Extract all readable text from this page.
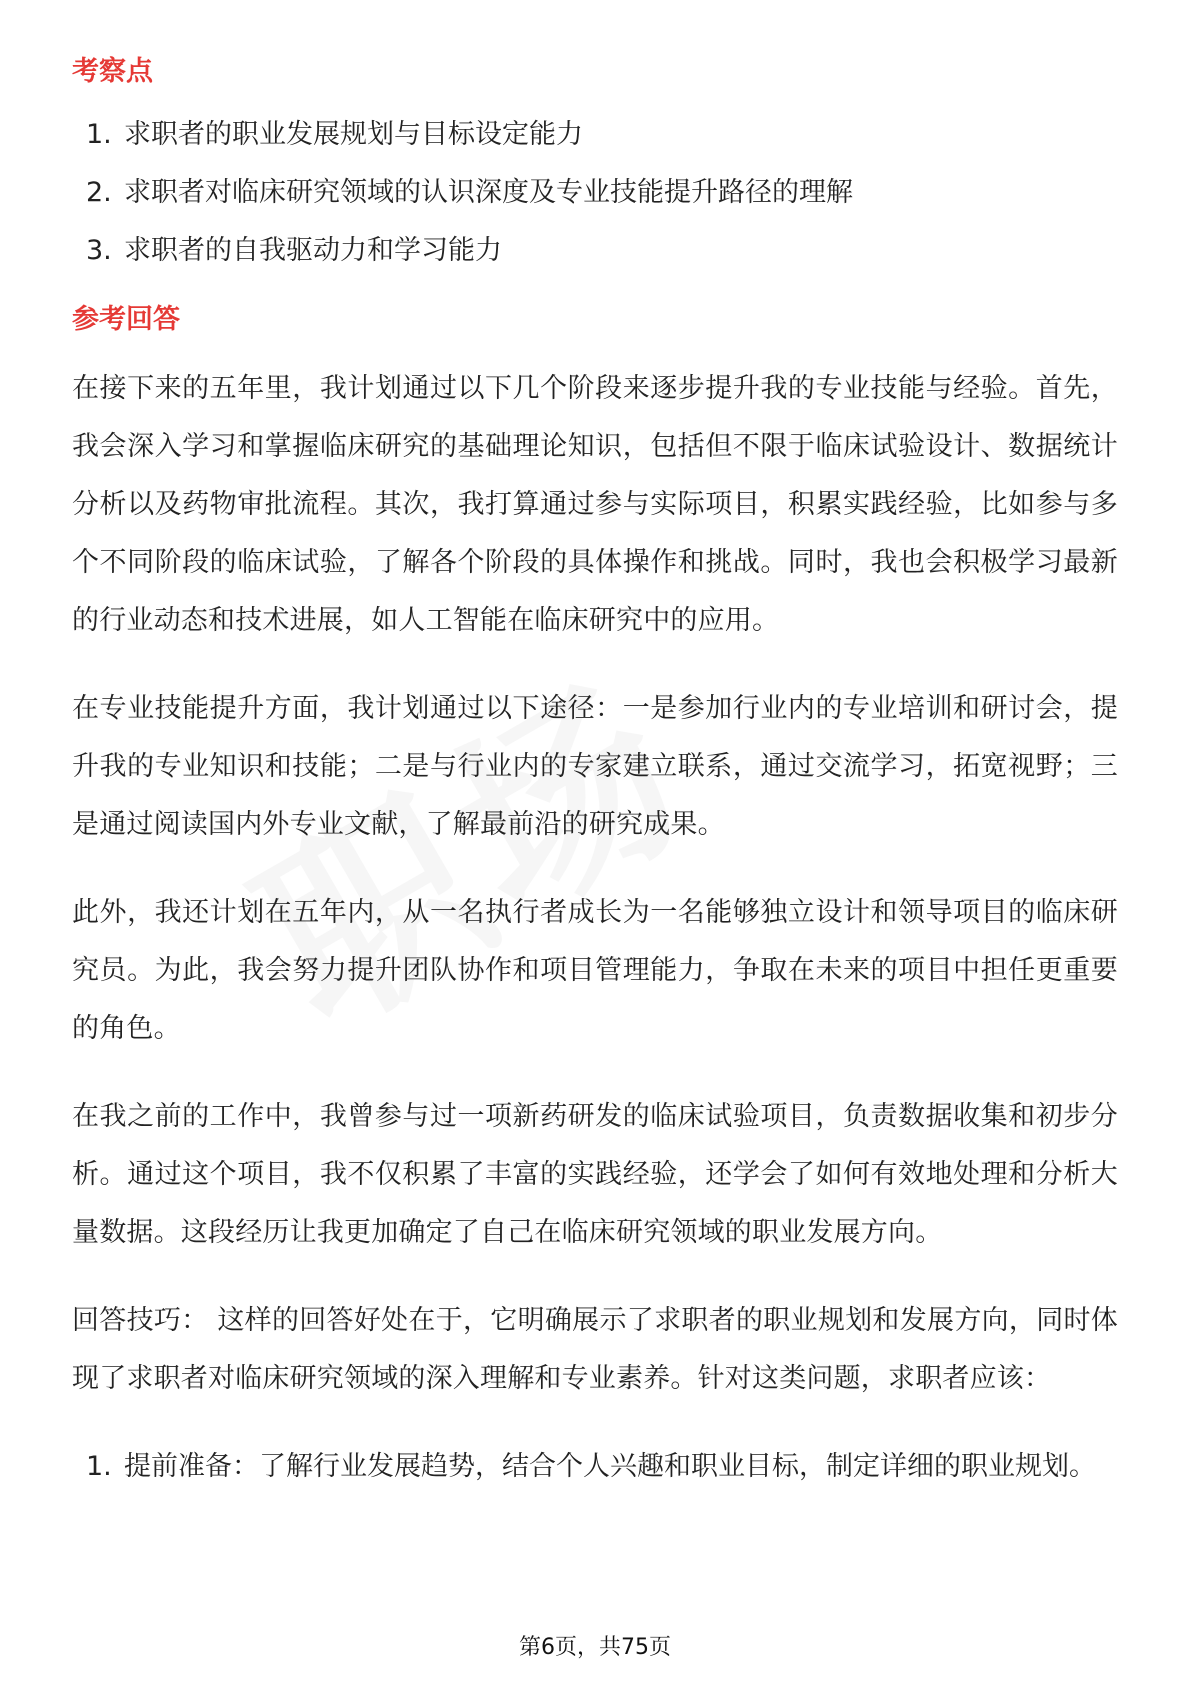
考察点
1. 求职者的职业发展规划与目标设定能力
2. 求职者对临床研究领域的认识深度及专业技能提升路径的理解
3. 求职者的自我驱动力和学习能力
参考回答

在接下来的五年里，我计划通过以下几个阶段来逐步提升我的专业技能与经验。首先，我会深入学习和掌握临床研究的基础理论知识，包括但不限于临床试验设计、数据统计分析以及药物审批流程。其次，我打算通过参与实际项目，积累实践经验，比如参与多个不同阶段的临床试验，了解各个阶段的具体操作和挑战。同时，我也会积极学习最新的行业动态和技术进展，如人工智能在临床研究中的应用。

在专业技能提升方面，我计划通过以下途径：一是参加行业内的专业培训和研讨会，提升我的专业知识和技能；二是与行业内的专家建立联系，通过交流学习，拓宽视野；三是通过阅读国内外专业文献，了解最前沿的研究成果。

此外，我还计划在五年内，从一名执行者成长为一名能够独立设计和领导项目的临床研究员。为此，我会努力提升团队协作和项目管理能力，争取在未来的项目中担任更重要的角色。

在我之前的工作中，我曾参与过一项新药研发的临床试验项目，负责数据收集和初步分析。通过这个项目，我不仅积累了丰富的实践经验，还学会了如何有效地处理和分析大量数据。这段经历让我更加确定了自己在临床研究领域的职业发展方向。

回答技巧： 这样的回答好处在于，它明确展示了求职者的职业规划和发展方向，同时体现了求职者对临床研究领域的深入理解和专业素养。针对这类问题，求职者应该：

1. 提前准备：了解行业发展趋势，结合个人兴趣和职业目标，制定详细的职业规划。
第6页，共75页
